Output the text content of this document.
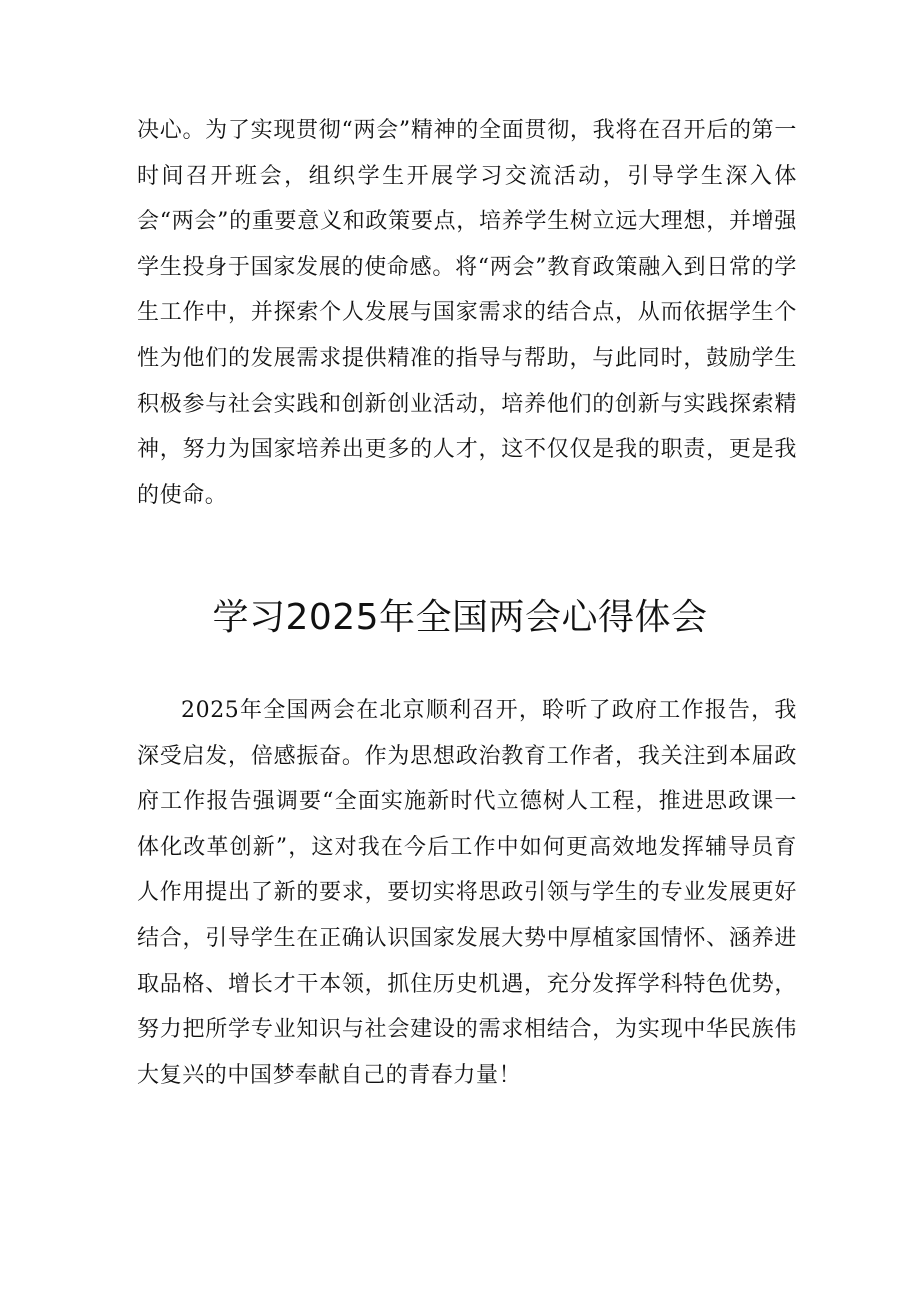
决心。为了实现贯彻“两会”精神的全面贯彻，我将在召开后的第一时间召开班会，组织学生开展学习交流活动，引导学生深入体会“两会”的重要意义和政策要点，培养学生树立远大理想，并增强学生投身于国家发展的使命感。将“两会”教育政策融入到日常的学生工作中，并探索个人发展与国家需求的结合点，从而依据学生个性为他们的发展需求提供精准的指导与帮助，与此同时，鼓励学生积极参与社会实践和创新创业活动，培养他们的创新与实践探索精神，努力为国家培养出更多的人才，这不仅仅是我的职责，更是我的使命。

学习2025年全国两会心得体会

2025年全国两会在北京顺利召开，聆听了政府工作报告，我深受启发，倍感振奋。作为思想政治教育工作者，我关注到本届政府工作报告强调要“全面实施新时代立德树人工程，推进思政课一体化改革创新”，这对我在今后工作中如何更高效地发挥辅导员育人作用提出了新的要求，要切实将思政引领与学生的专业发展更好结合，引导学生在正确认识国家发展大势中厚植家国情怀、涵养进取品格、增长才干本领，抓住历史机遇，充分发挥学科特色优势，努力把所学专业知识与社会建设的需求相结合，为实现中华民族伟大复兴的中国梦奉献自己的青春力量！
